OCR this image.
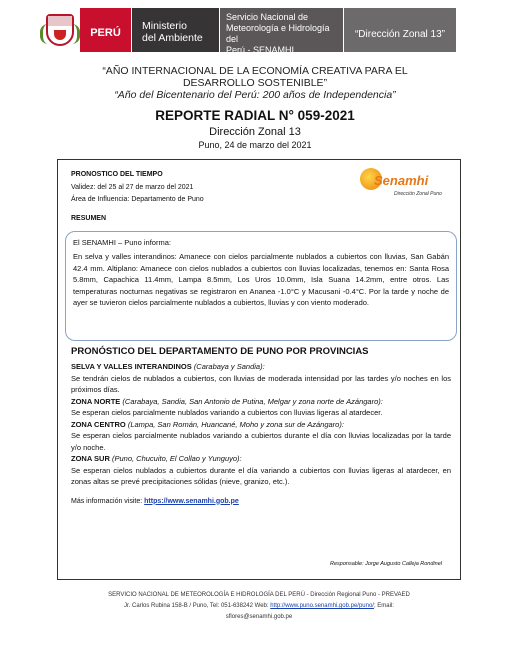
PERÚ
Ministerio
del Ambiente
Servicio Nacional de
Meteorología e Hidrología del
Perú - SENAMHI
“Dirección Zonal 13”
“AÑO INTERNACIONAL DE LA ECONOMÍA CREATIVA PARA EL
DESARROLLO SOSTENIBLE”
“Año del Bicentenario del Perú: 200 años de Independencia”
REPORTE RADIAL N° 059-2021
Dirección Zonal 13
Puno, 24 de marzo del 2021
Senamhi
Dirección Zonal Puno
PRONOSTICO DEL TIEMPO
Validez: del 25 al 27 de marzo del 2021
Área de Influencia: Departamento de Puno
RESUMEN
El SENAMHI – Puno informa:
En selva y valles interandinos: Amanece con cielos parcialmente nublados a cubiertos con lluvias, San Gabán 42.4 mm. Altiplano: Amanece con cielos nublados a cubiertos con lluvias localizadas, tenemos en: Santa Rosa 5.8mm, Capachica 11.4mm, Lampa 8.5mm, Los Uros 10.0mm, Isla Suana 14.2mm, entre otros. Las temperaturas nocturnas negativas se registraron en Ananea -1.0°C y Macusani -0.4°C. Por la tarde y noche de ayer se tuvieron cielos parcialmente nublados a cubiertos, lluvias y con viento moderado.
PRONÓSTICO DEL DEPARTAMENTO DE PUNO POR PROVINCIAS
SELVA Y VALLES INTERANDINOS (Carabaya y Sandia):

Se tendrán cielos de nublados a cubiertos, con lluvias de moderada intensidad por las tardes y/o noches en los próximos días.

ZONA NORTE (Carabaya, Sandia, San Antonio de Putina, Melgar y zona norte de Azángaro):

Se esperan cielos parcialmente nublados variando a cubiertos con lluvias ligeras al atardecer.

ZONA CENTRO (Lampa, San Román, Huancané, Moho y zona sur de Azángaro):

Se esperan cielos parcialmente nublados variando a cubiertos durante el día con lluvias localizadas por la tarde y/o noche.

ZONA SUR (Puno, Chucuito, El Collao y Yunguyo):

Se esperan cielos nublados a cubiertos durante el día variando a cubiertos con lluvias ligeras al atardecer, en zonas altas se prevé precipitaciones sólidas (nieve, granizo, etc.).

Más información visite: https://www.senamhi.gob.pe
Responsable: Jorge Augusto Calleja Rondinel
SERVICIO NACIONAL DE METEOROLOGÍA E HIDROLOGÍA DEL PERÚ - Dirección Regional Puno - PREVAED
Jr. Carlos Rubina 158-B / Puno, Tel: 051-638242 Web: http://www.puno.senamhi.gob.pe/puno/; Email:
sflores@senamhi.gob.pe
